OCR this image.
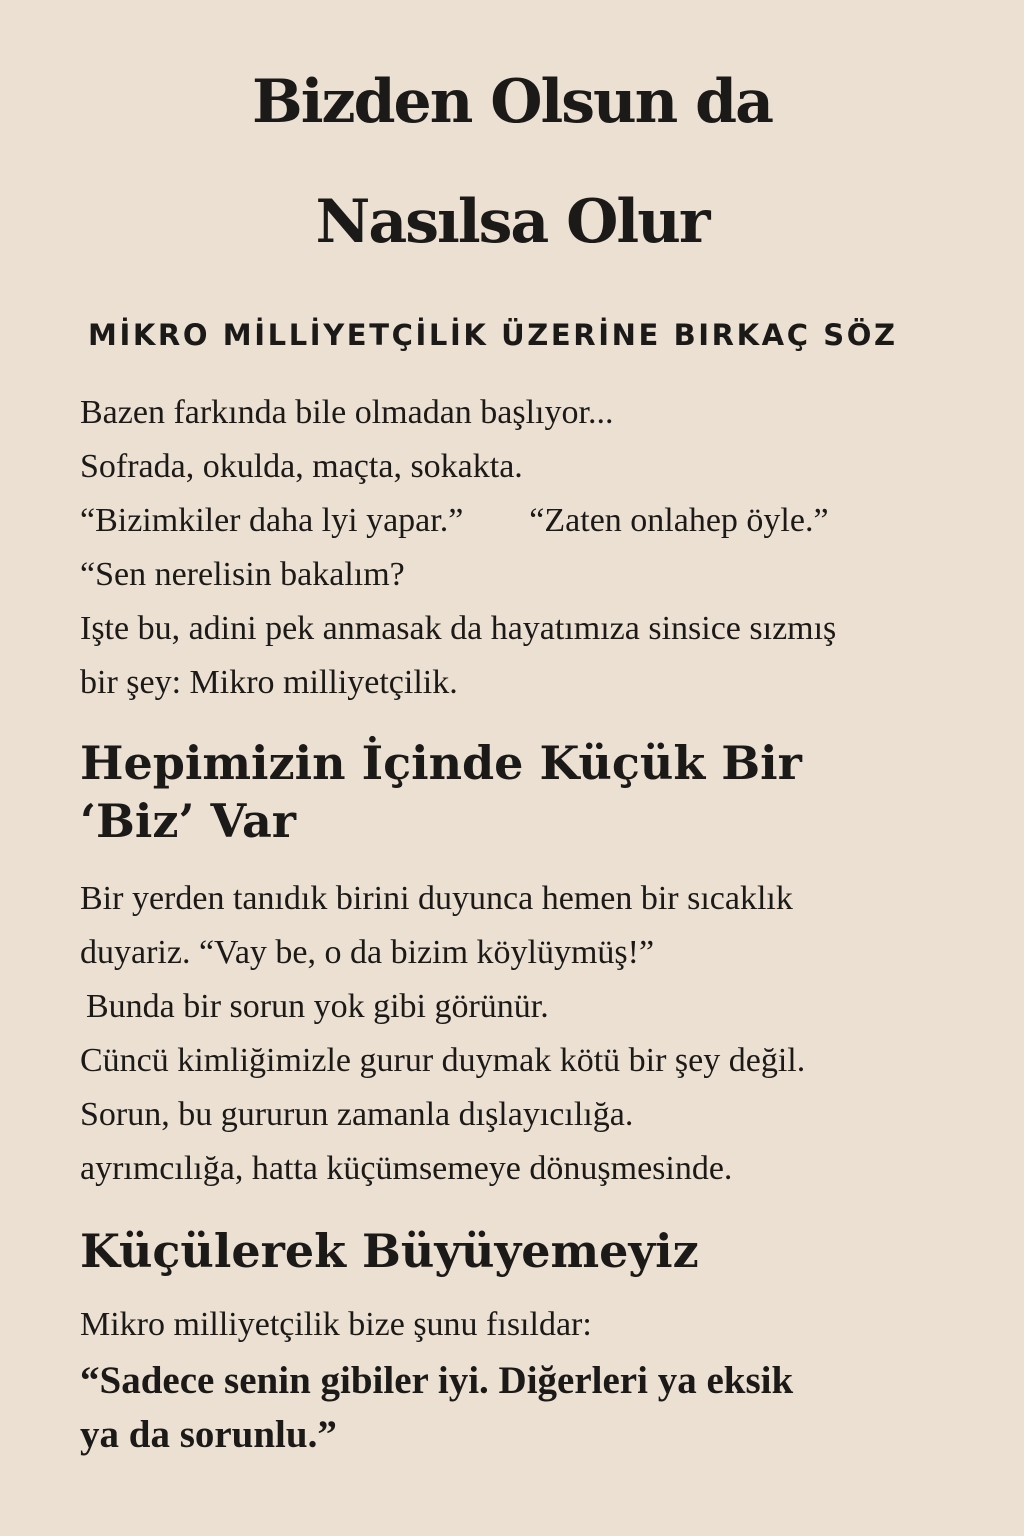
Bizden Olsun da
Nasılsa Olur

MİKRO MİLLİYETÇİLİK ÜZERİNE BIRKAÇ SÖZ

Bazen farkında bile olmadan başlıyor...
Sofrada, okulda, maçta, sokakta.
“Bizimkiler daha lyi yapar.” “Zaten onlahep öyle.”
“Sen nerelisin bakalım?
Işte bu, adini pek anmasak da hayatımıza sinsice sızmış
bir şey: Mikro milliyetçilik.
Hepimizin İçinde Küçük Bir
‘Biz’ Var
Bir yerden tanıdık birini duyunca hemen bir sıcaklık
duyariz. “Vay be, o da bizim köylüymüş!”
Bunda bir sorun yok gibi görünür.
Cüncü kimliğimizle gurur duymak kötü bir şey değil.
Sorun, bu gururun zamanla dışlayıcılığa.
ayrımcılığa, hatta küçümsemeye dönuşmesinde.
Küçülerek Büyüyemeyiz
Mikro milliyetçilik bize şunu fısıldar:
“Sadece senin gibiler iyi. Diğerleri ya eksik
ya da sorunlu.”
